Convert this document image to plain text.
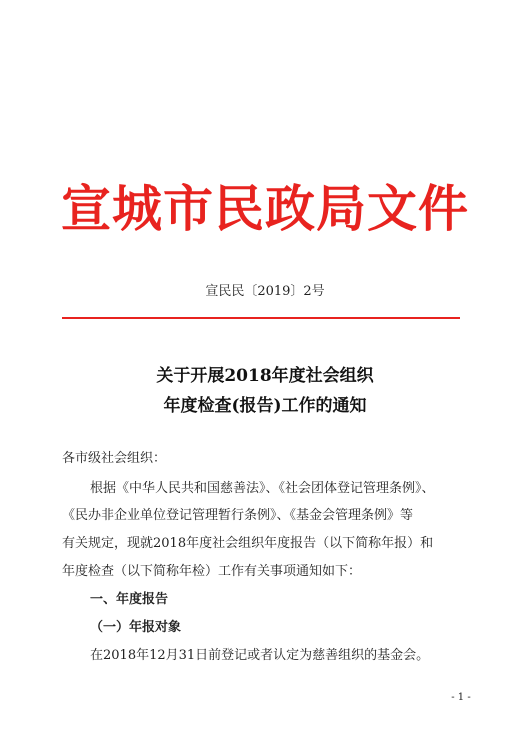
宣城市民政局文件
宣民民〔2019〕2号
关于开展2018年度社会组织
年度检查(报告)工作的通知
各市级社会组织：
根据《中华人民共和国慈善法》、《社会团体登记管理条例》、
《民办非企业单位登记管理暂行条例》、《基金会管理条例》等
有关规定，现就2018年度社会组织年度报告（以下简称年报）和
年度检查（以下简称年检）工作有关事项通知如下：
一、年度报告
（一）年报对象
在2018年12月31日前登记或者认定为慈善组织的基金会。
- 1 -
